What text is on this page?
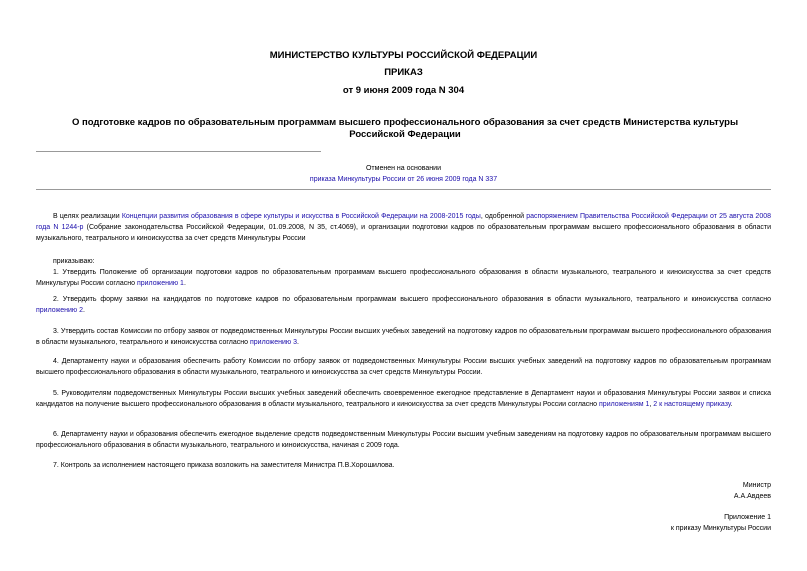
МИНИСТЕРСТВО КУЛЬТУРЫ РОССИЙСКОЙ ФЕДЕРАЦИИ
ПРИКАЗ
от 9 июня 2009 года N 304
О подготовке кадров по образовательным программам высшего профессионального образования за счет средств Министерства культуры Российской Федерации
Отменен на основании
приказа Минкультуры России от 26 июня 2009 года N 337
В целях реализации Концепции развития образования в сфере культуры и искусства в Российской Федерации на 2008-2015 годы, одобренной распоряжением Правительства Российской Федерации от 25 августа 2008 года N 1244-р (Собрание законодательства Российской Федерации, 01.09.2008, N 35, ст.4069), и организации подготовки кадров по образовательным программам высшего профессионального образования в области музыкального, театрального и киноискусства за счет средств Минкультуры России
приказываю:
1. Утвердить Положение об организации подготовки кадров по образовательным программам высшего профессионального образования в области музыкального, театрального и киноискусства за счет средств Минкультуры России согласно приложению 1.
2. Утвердить форму заявки на кандидатов по подготовке кадров по образовательным программам высшего профессионального образования в области музыкального, театрального и киноискусства согласно приложению 2.
3. Утвердить состав Комиссии по отбору заявок от подведомственных Минкультуры России высших учебных заведений на подготовку кадров по образовательным программам высшего профессионального образования в области музыкального, театрального и киноискусства согласно приложению 3.
4. Департаменту науки и образования обеспечить работу Комиссии по отбору заявок от подведомственных Минкультуры России высших учебных заведений на подготовку кадров по образовательным программам высшего профессионального образования в области музыкального, театрального и киноискусства за счет средств Минкультуры России.
5. Руководителям подведомственных Минкультуры России высших учебных заведений обеспечить своевременное ежегодное представление в Департамент науки и образования Минкультуры России заявок и списка кандидатов на получение высшего профессионального образования в области музыкального, театрального и киноискусства за счет средств Минкультуры России согласно приложениям 1, 2 к настоящему приказу.
6. Департаменту науки и образования обеспечить ежегодное выделение средств подведомственным Минкультуры России высшим учебным заведениям на подготовку кадров по образовательным программам высшего профессионального образования в области музыкального, театрального и киноискусства, начиная с 2009 года.
7. Контроль за исполнением настоящего приказа возложить на заместителя Министра П.В.Хорошилова.
Министр
А.А.Авдеев
Приложение 1
к приказу Минкультуры России
